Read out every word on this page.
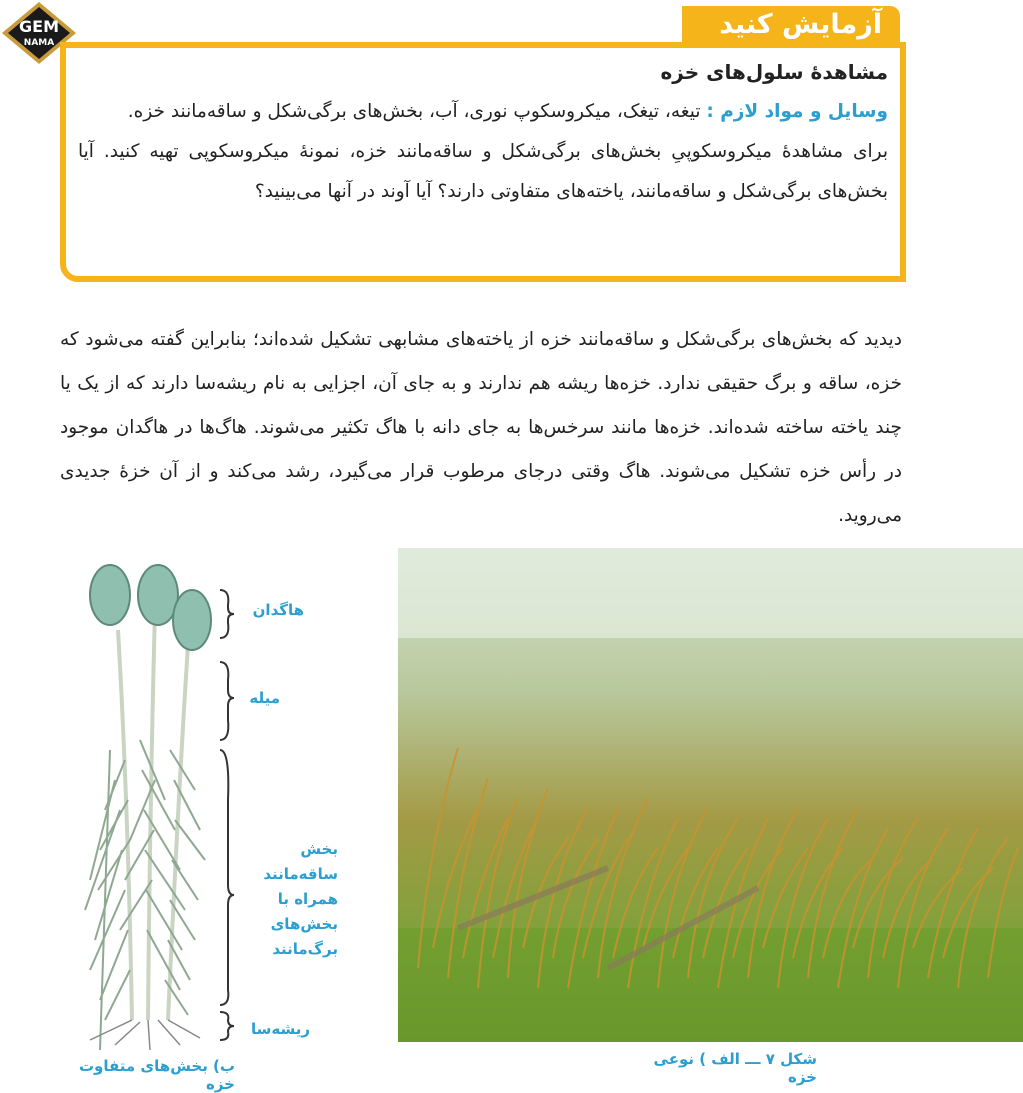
GEM
NAMA
آزمایش کنید
مشاهدهٔ سلول‌های خزه

وسایل و مواد لازم : تیغه، تیغک، میکروسکوپ نوری، آب، بخش‌های برگی‌شکل و ساقه‌مانند خزه.

برای مشاهدهٔ میکروسکوپیِ بخش‌های برگی‌شکل و ساقه‌مانند خزه، نمونهٔ میکروسکوپی تهیه کنید. آیا بخش‌های برگی‌شکل و ساقه‌مانند، یاخته‌های متفاوتی دارند؟ آیا آوند در آنها می‌بینید؟

دیدید که بخش‌های برگی‌شکل و ساقه‌مانند خزه از یاخته‌های مشابهی تشکیل شده‌اند؛ بنابراین گفته می‌شود که خزه، ساقه و برگ حقیقی ندارد. خزه‌ها ریشه هم ندارند و به جای آن، اجزایی به نام ریشه‌سا دارند که از یک یا چند یاخته ساخته شده‌اند. خزه‌ها مانند سرخس‌ها به جای دانه با هاگ تکثیر می‌شوند. هاگ‌ها در هاگدان موجود در رأس خزه تشکیل می‌شوند. هاگ وقتی درجای مرطوب قرار می‌گیرد، رشد می‌کند و از آن خزهٔ جدیدی می‌روید.

هاگدان
میله
بخش ساقه‌مانند
همراه با بخش‌های
برگ‌مانند
ریشه‌سا
ب) بخش‌های متفاوت خزه
شکل ۷ ـــ الف ) نوعی خزه
